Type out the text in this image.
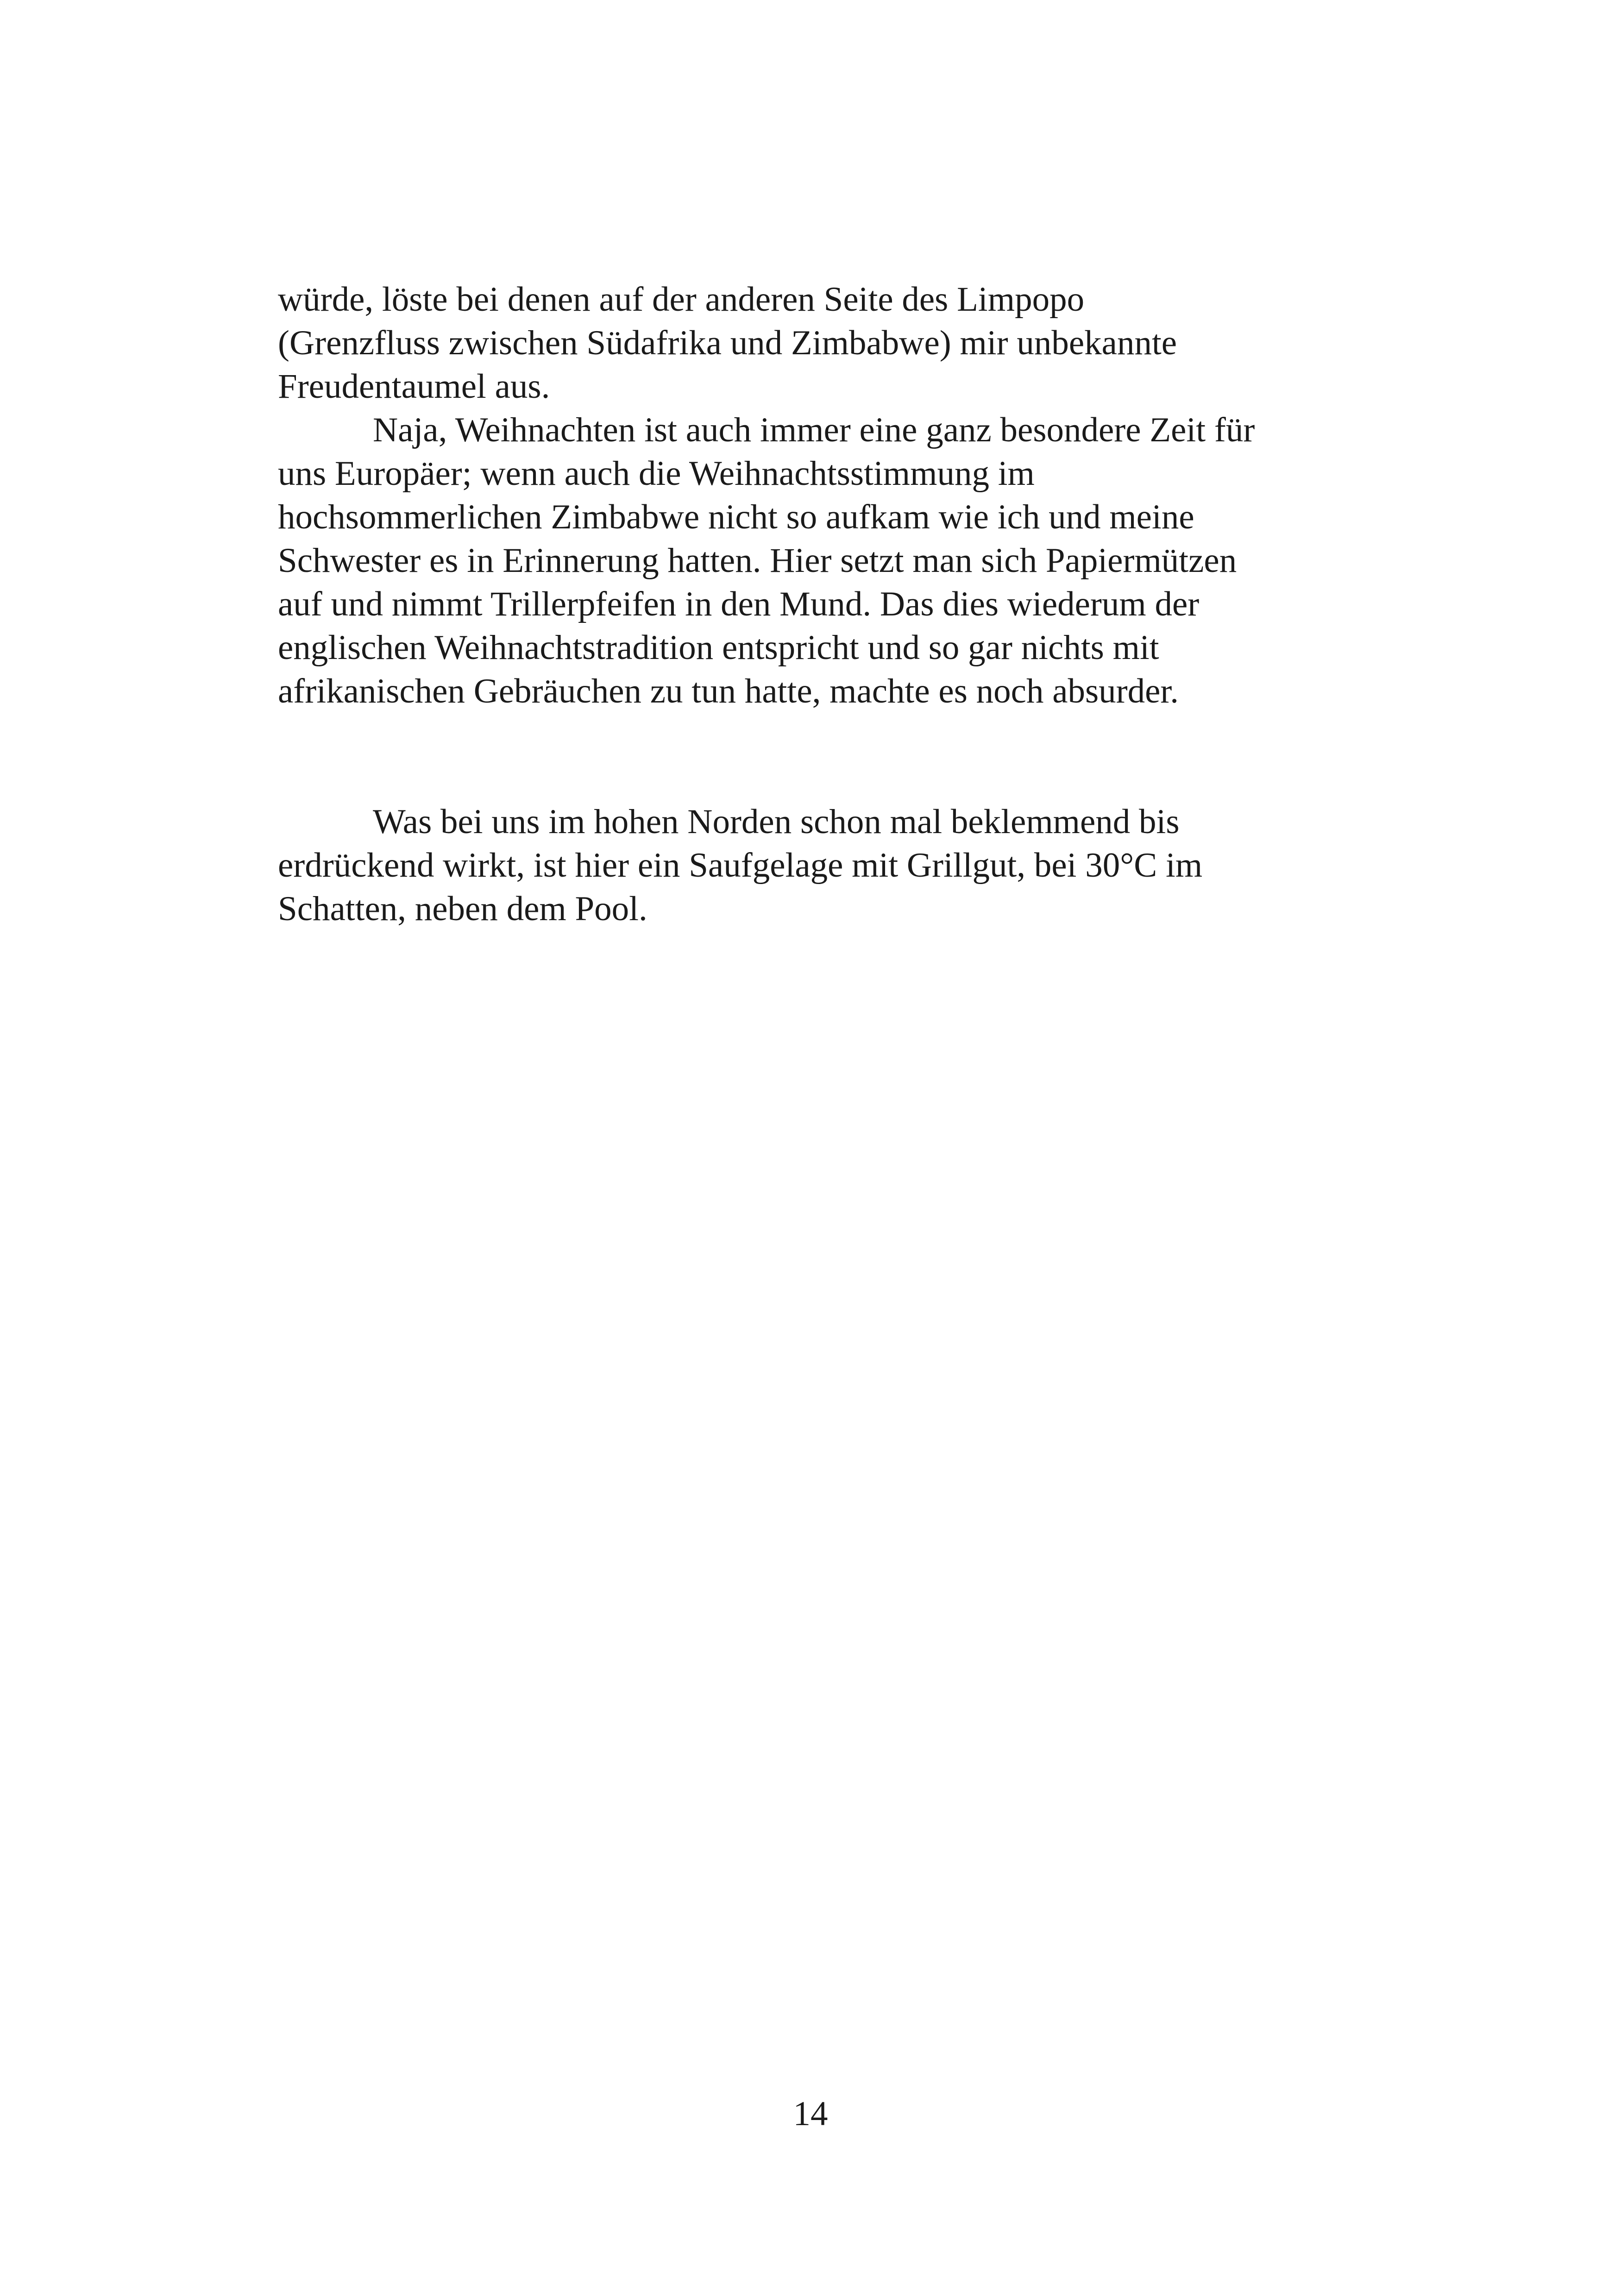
würde, löste bei denen auf der anderen Seite des Limpopo
(Grenzfluss zwischen Südafrika und Zimbabwe) mir unbekannte
Freudentaumel aus.
Naja, Weihnachten ist auch immer eine ganz besondere Zeit für
uns Europäer; wenn auch die Weihnachtsstimmung im
hochsommerlichen Zimbabwe nicht so aufkam wie ich und meine
Schwester es in Erinnerung hatten. Hier setzt man sich Papiermützen
auf und nimmt Trillerpfeifen in den Mund. Das dies wiederum der
englischen Weihnachtstradition entspricht und so gar nichts mit
afrikanischen Gebräuchen zu tun hatte, machte es noch absurder.
Was bei uns im hohen Norden schon mal beklemmend bis
erdrückend wirkt, ist hier ein Saufgelage mit Grillgut, bei 30°C im
Schatten, neben dem Pool.
14
